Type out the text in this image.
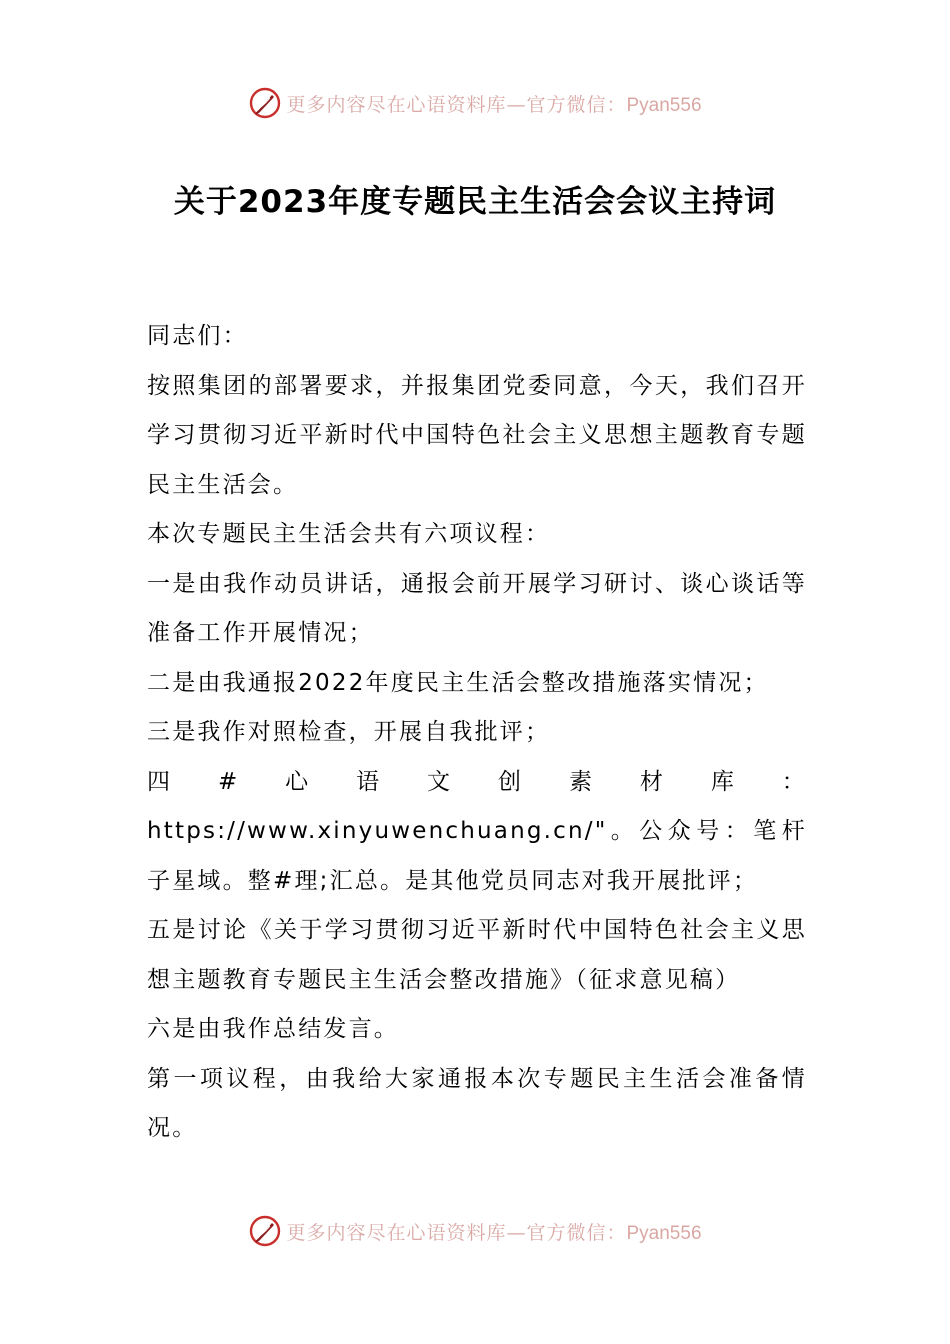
更多内容尽在心语资料库—官方微信：Pyan556
关于2023年度专题民主生活会会议主持词

同志们：

按照集团的部署要求，并报集团党委同意，今天，我们召开学习贯彻习近平新时代中国特色社会主义思想主题教育专题民主生活会。

本次专题民主生活会共有六项议程：

一是由我作动员讲话，通报会前开展学习研讨、谈心谈话等准备工作开展情况；

二是由我通报2022年度民主生活会整改措施落实情况；

三是我作对照检查，开展自我批评；

四#心语文创素材库：https://www.xinyuwenchuang.cn/"。公众号：笔杆子星域。整#理;汇总。是其他党员同志对我开展批评；

五是讨论《关于学习贯彻习近平新时代中国特色社会主义思想主题教育专题民主生活会整改措施》（征求意见稿）

六是由我作总结发言。

第一项议程，由我给大家通报本次专题民主生活会准备情况。

更多内容尽在心语资料库—官方微信：Pyan556
